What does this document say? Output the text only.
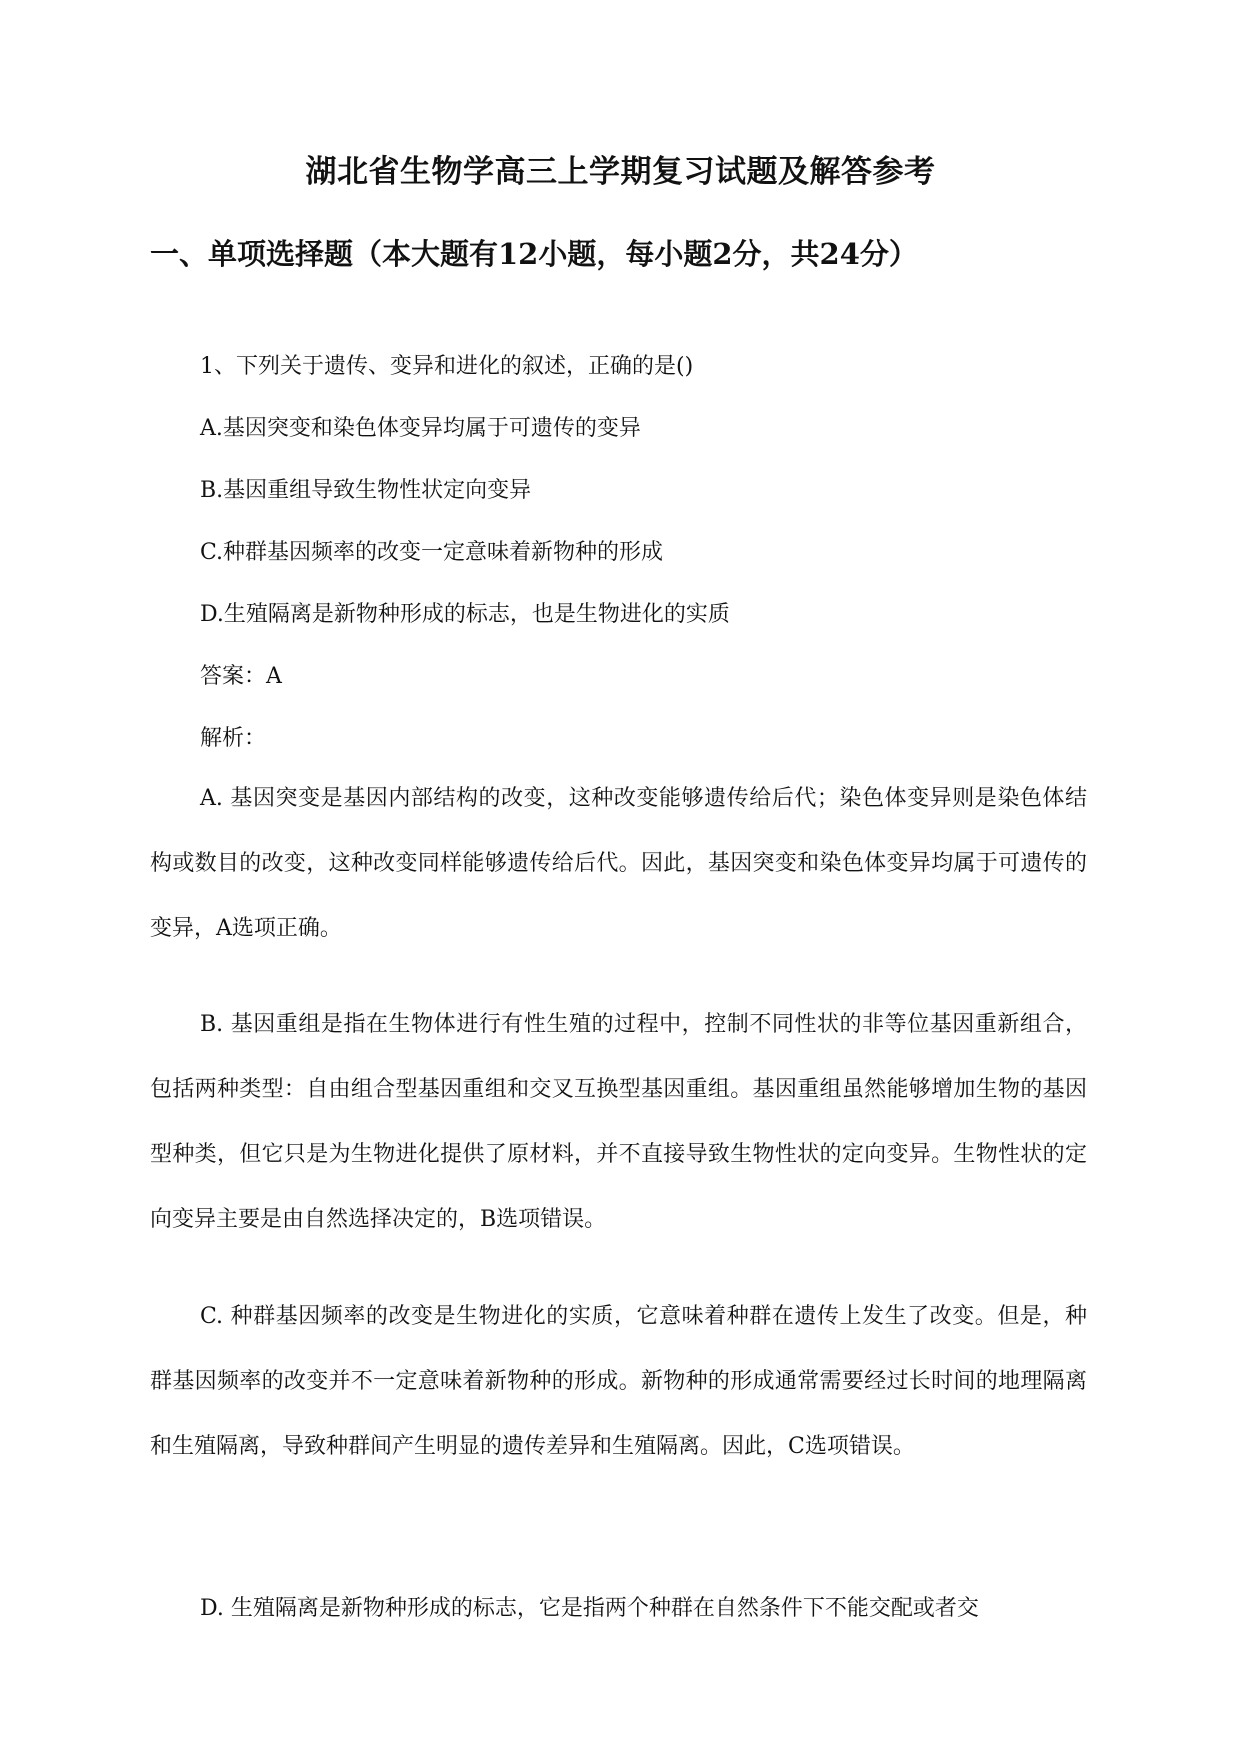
湖北省生物学高三上学期复习试题及解答参考
一、单项选择题（本大题有12小题，每小题2分，共24分）
1、下列关于遗传、变异和进化的叙述，正确的是()
A.基因突变和染色体变异均属于可遗传的变异
B.基因重组导致生物性状定向变异
C.种群基因频率的改变一定意味着新物种的形成
D.生殖隔离是新物种形成的标志，也是生物进化的实质
答案：A
解析：

A. 基因突变是基因内部结构的改变，这种改变能够遗传给后代；染色体变异则是染色体结构或数目的改变，这种改变同样能够遗传给后代。因此，基因突变和染色体变异均属于可遗传的变异，A选项正确。

B. 基因重组是指在生物体进行有性生殖的过程中，控制不同性状的非等位基因重新组合，包括两种类型：自由组合型基因重组和交叉互换型基因重组。基因重组虽然能够增加生物的基因型种类，但它只是为生物进化提供了原材料，并不直接导致生物性状的定向变异。生物性状的定向变异主要是由自然选择决定的，B选项错误。

C. 种群基因频率的改变是生物进化的实质，它意味着种群在遗传上发生了改变。但是，种群基因频率的改变并不一定意味着新物种的形成。新物种的形成通常需要经过长时间的地理隔离和生殖隔离，导致种群间产生明显的遗传差异和生殖隔离。因此，C选项错误。

D. 生殖隔离是新物种形成的标志，它是指两个种群在自然条件下不能交配或者交
